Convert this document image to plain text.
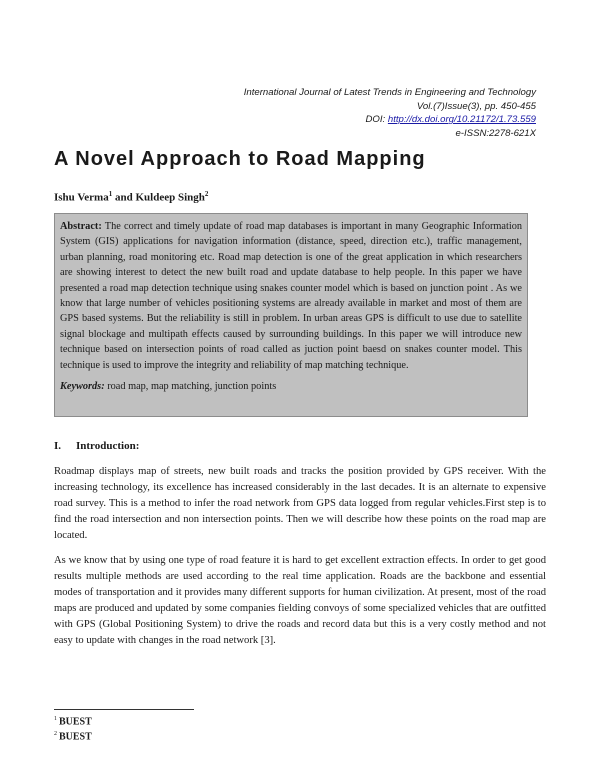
International Journal of Latest Trends in Engineering and Technology
Vol.(7)Issue(3), pp. 450-455
DOI: http://dx.doi.org/10.21172/1.73.559
e-ISSN:2278-621X
A Novel Approach to Road Mapping
Ishu Verma$^1$ and Kuldeep Singh$^2$
Abstract: The correct and timely update of road map databases is important in many Geographic Information System (GIS) applications for navigation information (distance, speed, direction etc.), traffic management, urban planning, road monitoring etc. Road map detection is one of the great application in which researchers are showing interest to detect the new built road and update database to help people. In this paper we have presented a road map detection technique using snakes counter model which is based on junction point . As we know that large number of vehicles positioning systems are already available in market and most of them are GPS based systems. But the reliability is still in problem. In urban areas GPS is difficult to use due to satellite signal blockage and multipath effects caused by surrounding buildings. In this paper we will introduce new technique based on intersection points of road called as juction point baesd on snakes counter model. This technique is used to improve the integrity and reliability of map matching technique.
Keywords: road map, map matching, junction points
I. Introduction:

Roadmap displays map of streets, new built roads and tracks the position provided by GPS receiver. With the increasing technology, its excellence has increased considerably in the last decades. It is an alternate to expensive road survey. This is a method to infer the road network from GPS data logged from regular vehicles.First step is to find the road intersection and non intersection points. Then we will describe how these points on the road map are located.

As we know that by using one type of road feature it is hard to get excellent extraction effects. In order to get good results multiple methods are used according to the real time application. Roads are the backbone and essential modes of transportation and it provides many different supports for human civilization. At present, most of the road maps are produced and updated by some companies fielding convoys of some specialized vehicles that are outfitted with GPS (Global Positioning System) to drive the roads and record data but this is a very costly method and not easy to update with changes in the road network [3].

$^1$ BUEST
$^2$ BUEST
